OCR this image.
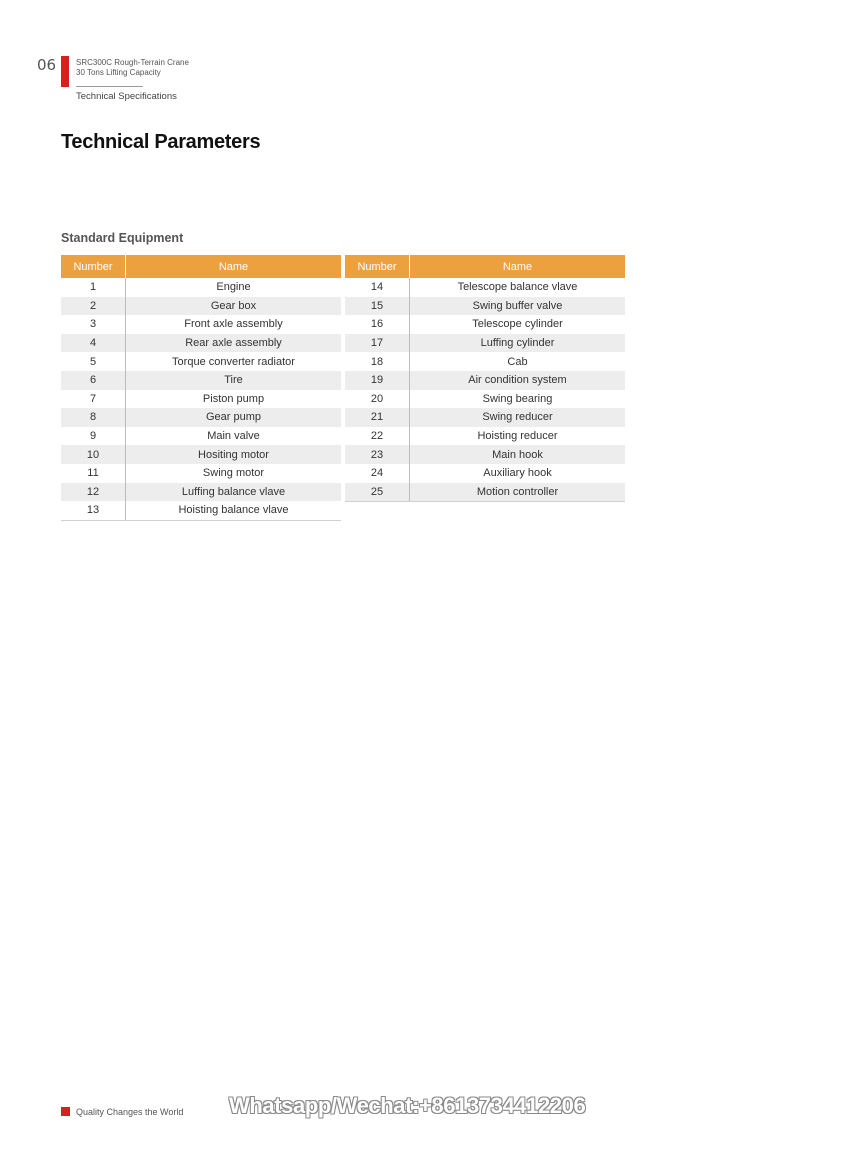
06 SRC300C Rough-Terrain Crane
30 Tons Lifting Capacity
Technical Specifications
Technical Parameters
Standard Equipment
Number	Name
1	Engine
2	Gear box
3	Front axle assembly
4	Rear axle assembly
5	Torque converter radiator
6	Tire
7	Piston pump
8	Gear pump
9	Main valve
10	Hositing motor
11	Swing motor
12	Luffing balance vlave
13	Hoisting balance vlave
Number	Name
14	Telescope balance vlave
15	Swing buffer valve
16	Telescope cylinder
17	Luffing cylinder
18	Cab
19	Air condition system
20	Swing bearing
21	Swing reducer
22	Hoisting reducer
23	Main hook
24	Auxiliary hook
25	Motion controller
Quality Changes the World Whatsapp/Wechat:+8613734412206
